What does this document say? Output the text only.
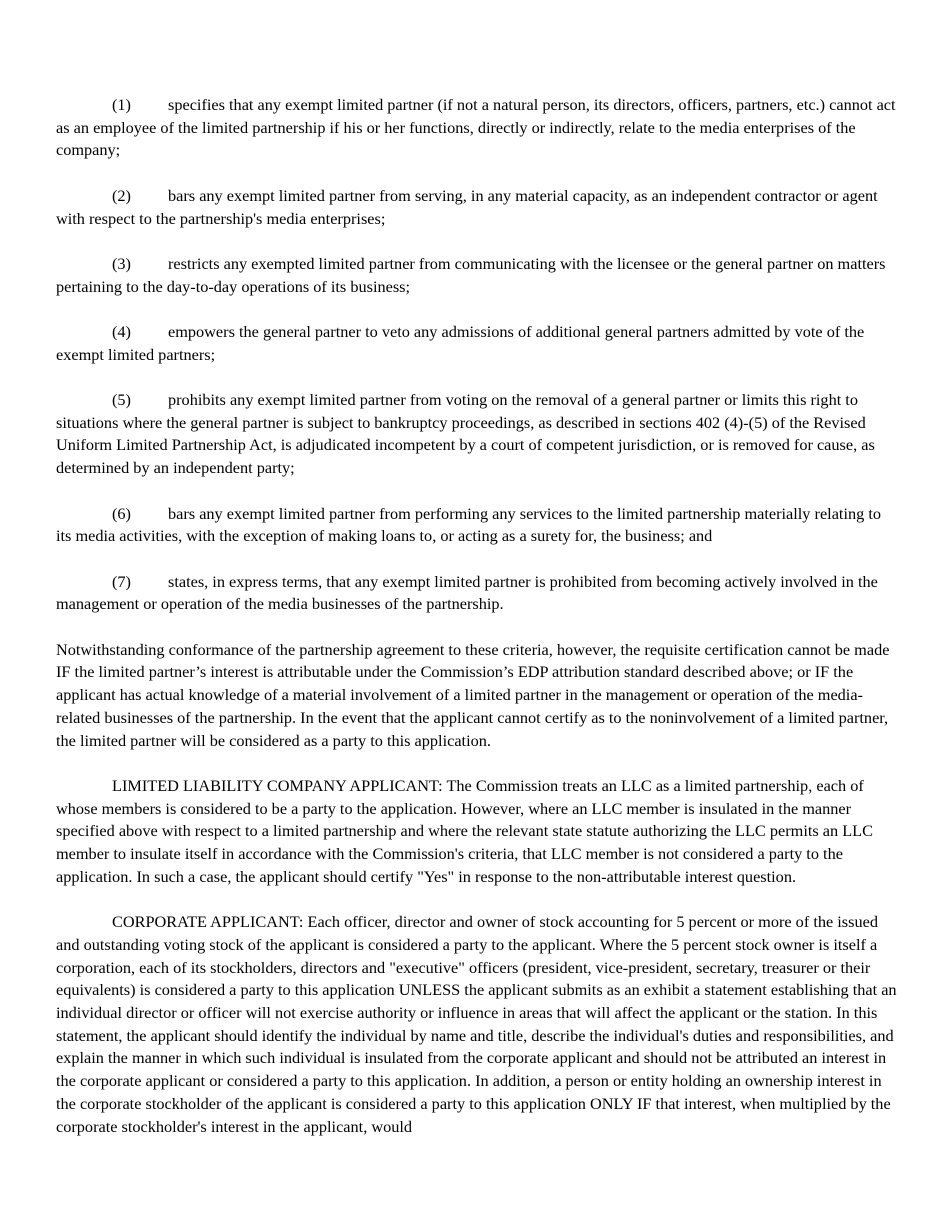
(1) specifies that any exempt limited partner (if not a natural person, its directors, officers, partners, etc.) cannot act as an employee of the limited partnership if his or her functions, directly or indirectly, relate to the media enterprises of the company;

(2) bars any exempt limited partner from serving, in any material capacity, as an independent contractor or agent with respect to the partnership's media enterprises;

(3) restricts any exempted limited partner from communicating with the licensee or the general partner on matters pertaining to the day-to-day operations of its business;

(4) empowers the general partner to veto any admissions of additional general partners admitted by vote of the exempt limited partners;

(5) prohibits any exempt limited partner from voting on the removal of a general partner or limits this right to situations where the general partner is subject to bankruptcy proceedings, as described in sections 402 (4)-(5) of the Revised Uniform Limited Partnership Act, is adjudicated incompetent by a court of competent jurisdiction, or is removed for cause, as determined by an independent party;

(6) bars any exempt limited partner from performing any services to the limited partnership materially relating to its media activities, with the exception of making loans to, or acting as a surety for, the business; and

(7) states, in express terms, that any exempt limited partner is prohibited from becoming actively involved in the management or operation of the media businesses of the partnership.

Notwithstanding conformance of the partnership agreement to these criteria, however, the requisite certification cannot be made IF the limited partner’s interest is attributable under the Commission’s EDP attribution standard described above; or IF the applicant has actual knowledge of a material involvement of a limited partner in the management or operation of the media-related businesses of the partnership. In the event that the applicant cannot certify as to the noninvolvement of a limited partner, the limited partner will be considered as a party to this application.

LIMITED LIABILITY COMPANY APPLICANT: The Commission treats an LLC as a limited partnership, each of whose members is considered to be a party to the application. However, where an LLC member is insulated in the manner specified above with respect to a limited partnership and where the relevant state statute authorizing the LLC permits an LLC member to insulate itself in accordance with the Commission's criteria, that LLC member is not considered a party to the application. In such a case, the applicant should certify "Yes" in response to the non-attributable interest question.

CORPORATE APPLICANT: Each officer, director and owner of stock accounting for 5 percent or more of the issued and outstanding voting stock of the applicant is considered a party to the applicant. Where the 5 percent stock owner is itself a corporation, each of its stockholders, directors and "executive" officers (president, vice-president, secretary, treasurer or their equivalents) is considered a party to this application UNLESS the applicant submits as an exhibit a statement establishing that an individual director or officer will not exercise authority or influence in areas that will affect the applicant or the station. In this statement, the applicant should identify the individual by name and title, describe the individual's duties and responsibilities, and explain the manner in which such individual is insulated from the corporate applicant and should not be attributed an interest in the corporate applicant or considered a party to this application. In addition, a person or entity holding an ownership interest in the corporate stockholder of the applicant is considered a party to this application ONLY IF that interest, when multiplied by the corporate stockholder's interest in the applicant, would
